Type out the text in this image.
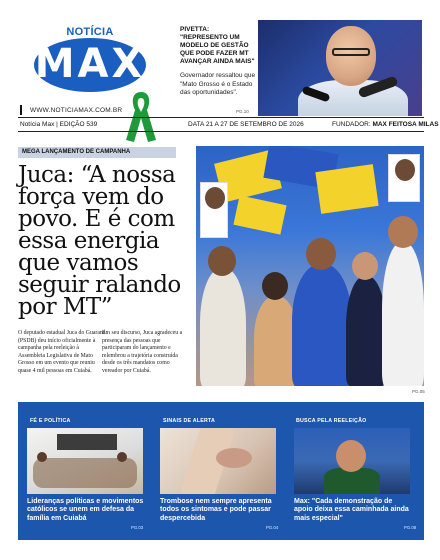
NOTÍCIA
MAX
WWW.NOTICIAMAX.COM.BR
PIVETTA: "REPRESENTO UM MODELO DE GESTÃO QUE PODE FAZER MT AVANÇAR AINDA MAIS"
Governador ressaltou que "Mato Grosso é o Estado das oportunidades".
PG.10
Notícia Max | EDIÇÃO 539	DATA 21 A 27 DE SETEMBRO DE 2026	FUNDADOR: MAX FEITOSA MILAS
MEGA LANÇAMENTO DE CAMPANHA
Juca: “A nossa força vem do povo. E é com essa energia que vamos seguir ralando por MT”
O deputado estadual Juca do Guaraná (PSDB) deu início oficialmente à campanha pela reeleição à Assembleia Legislativa de Mato Grosso em um evento que reuniu quase 4 mil pessoas em Cuiabá.
Em seu discurso, Juca agradeceu a presença das pessoas que participaram do lançamento e relembrou a trajetória construída desde os três mandatos como vereador por Cuiabá.
PG.05
FÉ E POLÍTICA
Lideranças políticas e movimentos católicos se unem em defesa da família em Cuiabá
PG.03
SINAIS DE ALERTA
Trombose nem sempre apresenta todos os sintomas e pode passar despercebida
PG.04
BUSCA PELA REELEIÇÃO
Max: "Cada demonstração de apoio deixa essa caminhada ainda mais especial"
PG.08
